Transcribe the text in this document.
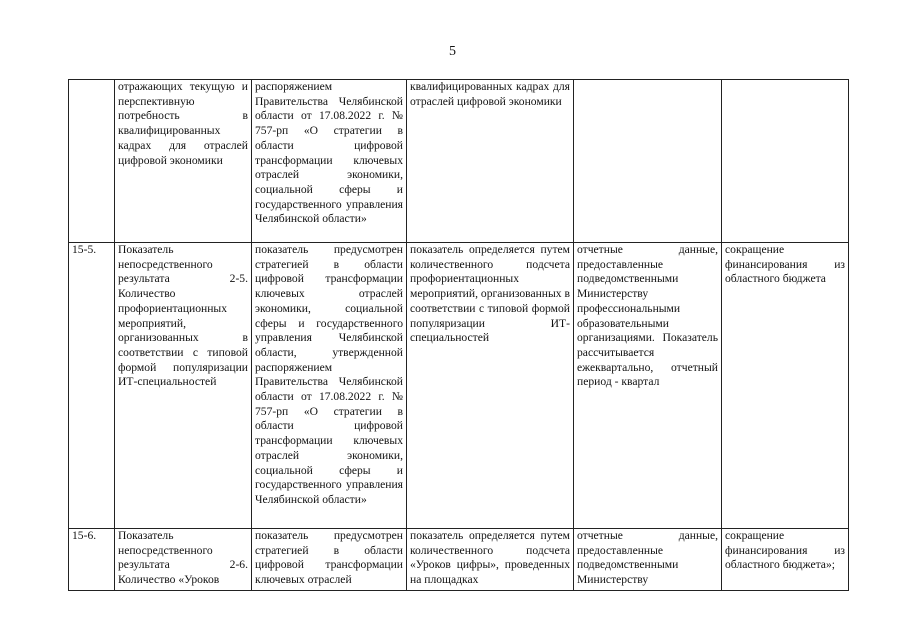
5
	отражающих текущую и перспективную потребность в квалифицированных кадрах для отраслей цифровой экономики	распоряжением Правительства Челябинской области от 17.08.2022 г. № 757-рп «О стратегии в области цифровой трансформации ключевых отраслей экономики, социальной сферы и государственного управления Челябинской области»	квалифицированных кадрах для отраслей цифровой экономики		
15-5.	Показатель непосредственного результата 2-5. Количество профориентационных мероприятий, организованных в соответствии с типовой формой популяризации ИТ-специальностей	показатель предусмотрен стратегией в области цифровой трансформации ключевых отраслей экономики, социальной сферы и государственного управления Челябинской области, утвержденной распоряжением Правительства Челябинской области от 17.08.2022 г. № 757-рп «О стратегии в области цифровой трансформации ключевых отраслей экономики, социальной сферы и государственного управления Челябинской области»	показатель определяется путем количественного подсчета профориентационных мероприятий, организованных в соответствии с типовой формой популяризации ИТ-специальностей	отчетные данные, предоставленные подведомственными Министерству профессиональными образовательными организациями. Показатель рассчитывается ежеквартально, отчетный период - квартал	сокращение финансирования из областного бюджета
15-6.	Показатель непосредственного результата 2-6. Количество «Уроков	показатель предусмотрен стратегией в области цифровой трансформации ключевых отраслей	показатель определяется путем количественного подсчета «Уроков цифры», проведенных на площадках	отчетные данные, предоставленные подведомственными Министерству	сокращение финансирования из областного бюджета»;
